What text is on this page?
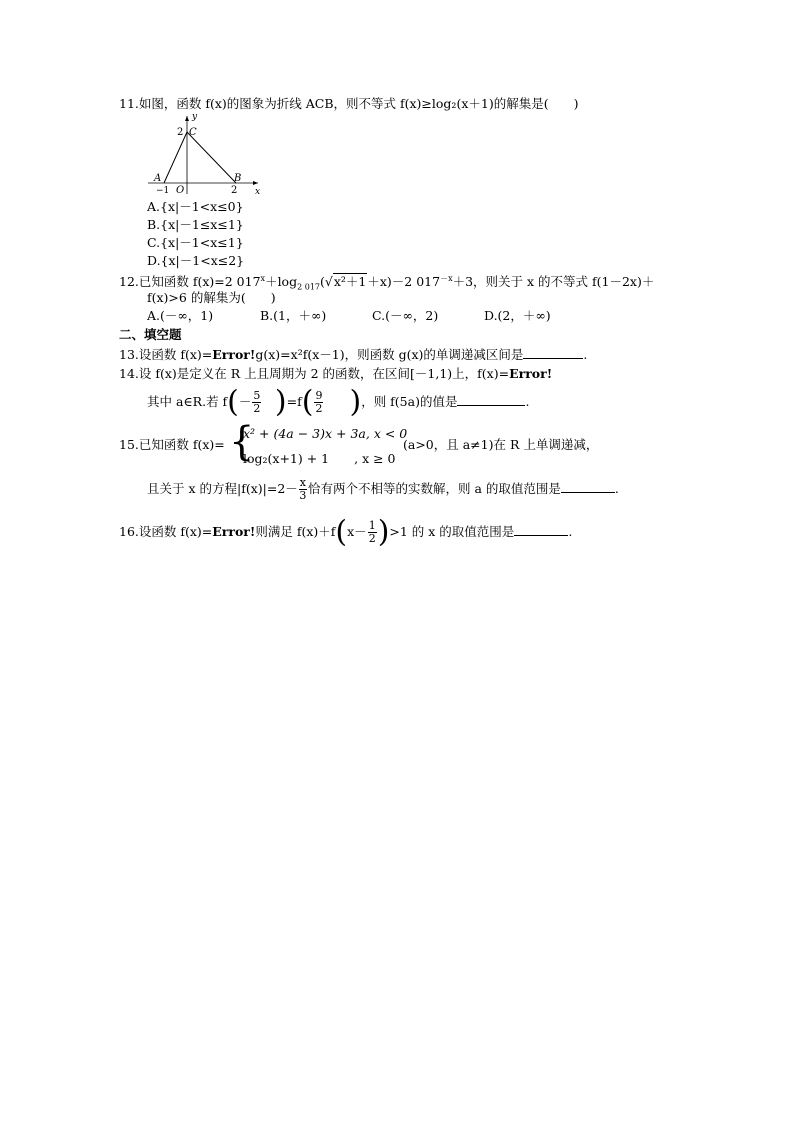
11.如图，函数 f(x)的图象为折线 ACB，则不等式 f(x)≥log₂(x＋1)的解集是(　　)
y
x
2 C
A	B
−1 O	2
A.{x|－1<x≤0}
B.{x|－1≤x≤1}
C.{x|－1<x≤1}
D.{x|－1<x≤2}
12.已知函数 f(x)=2 $017^x+\log_{2 017}(√x^2+1+x)-2$ $017^{-x}+3$，则关于 x 的不等式 f(1－2x)＋
f(x)>6 的解集为(　　)
A.(－∞，1)	B.(1，＋∞)	C.(－∞，2)	D.(2，＋∞)
二、填空题
13.设函数 f(x)=Error!g(x)=x²f(x－1)，则函数 g(x)的单调递减区间是	.
14.设 f(x)是定义在 R 上且周期为 2 的函数，在区间[－1,1)上，f(x)=Error!
其中 a∈R.若 $f(- \frac{5}{2}$
　 )$=f( \frac{9}{2}$
　　 )，则 f(5a)的值是	.
15.已知函数 f(x)= {
x² + (4a − 3)x + 3a, x < 0
log₂(x+1) + 1　　, x ≥ 0
(a>0，且 a≠1)在 R 上单调递减，
且关于 x 的方程$|f(x)|=2- \frac{x}{3}$ 恰有两个不相等的实数解，则 a 的取值范围是	.
16.设函数 f(x)=Error!则满足 $f(x)+f(x- \frac{1}{2} )>1$ 的 x 的取值范围是	.
